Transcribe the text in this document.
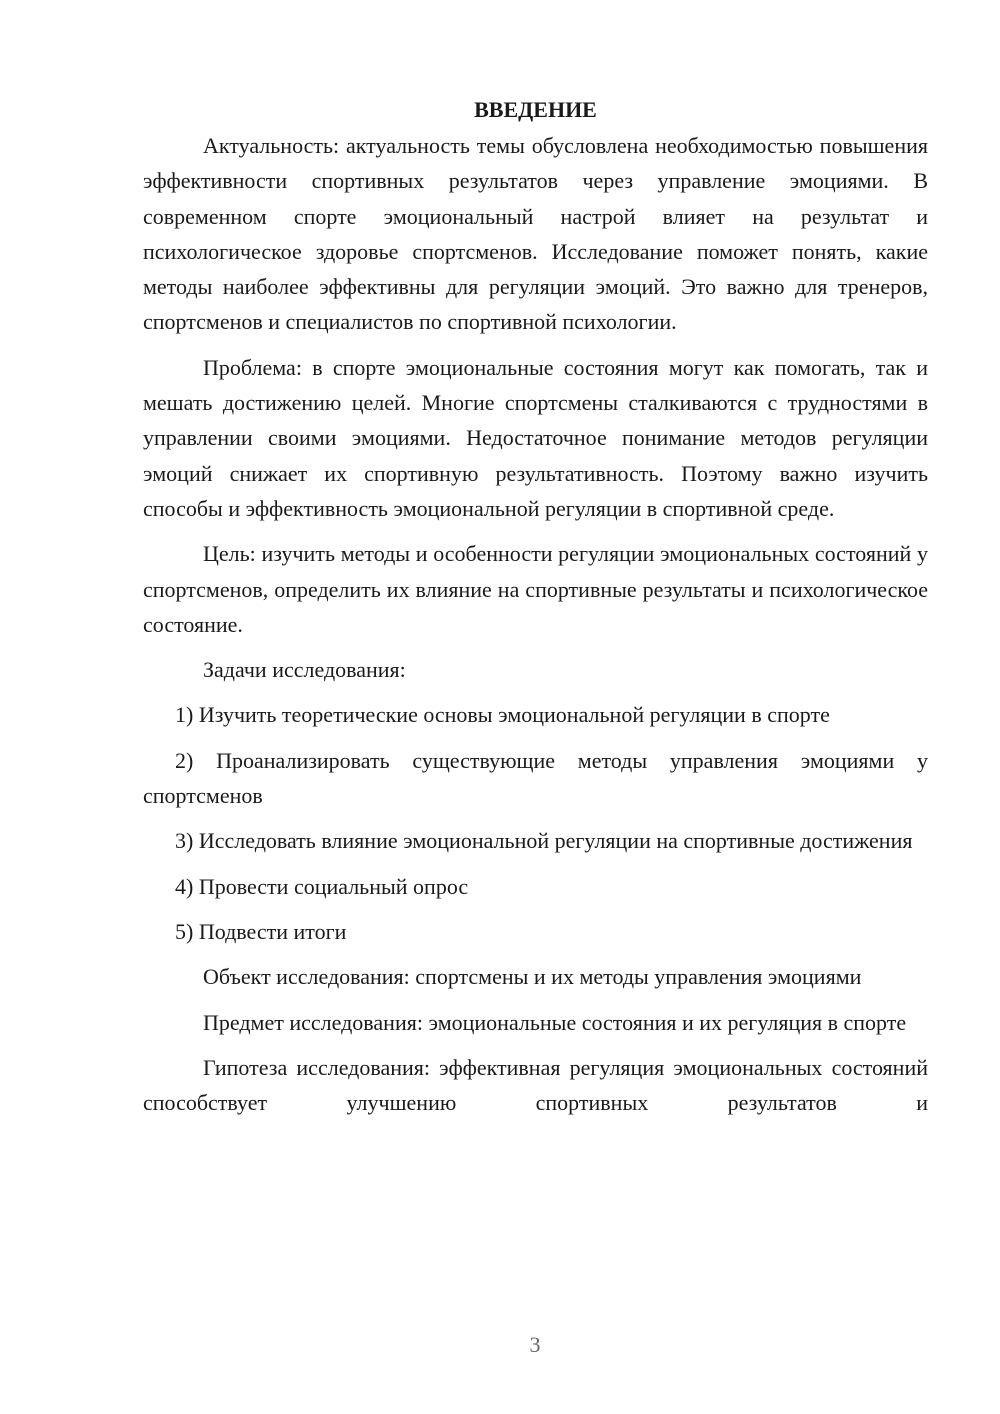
ВВЕДЕНИЕ

Актуальность: актуальность темы обусловлена необходимостью повышения эффективности спортивных результатов через управление эмоциями. В современном спорте эмоциональный настрой влияет на результат и психологическое здоровье спортсменов. Исследование поможет понять, какие методы наиболее эффективны для регуляции эмоций. Это важно для тренеров, спортсменов и специалистов по спортивной психологии.

Проблема: в спорте эмоциональные состояния могут как помогать, так и мешать достижению целей. Многие спортсмены сталкиваются с трудностями в управлении своими эмоциями. Недостаточное понимание методов регуляции эмоций снижает их спортивную результативность. Поэтому важно изучить способы и эффективность эмоциональной регуляции в спортивной среде.

Цель: изучить методы и особенности регуляции эмоциональных состояний у спортсменов, определить их влияние на спортивные результаты и психологическое состояние.

Задачи исследования:

1) Изучить теоретические основы эмоциональной регуляции в спорте

2) Проанализировать существующие методы управления эмоциями у спортсменов

3) Исследовать влияние эмоциональной регуляции на спортивные достижения

4) Провести социальный опрос

5) Подвести итоги

Объект исследования: спортсмены и их методы управления эмоциями

Предмет исследования: эмоциональные состояния и их регуляция в спорте

Гипотеза исследования: эффективная регуляция эмоциональных состояний способствует улучшению спортивных результатов и

3
